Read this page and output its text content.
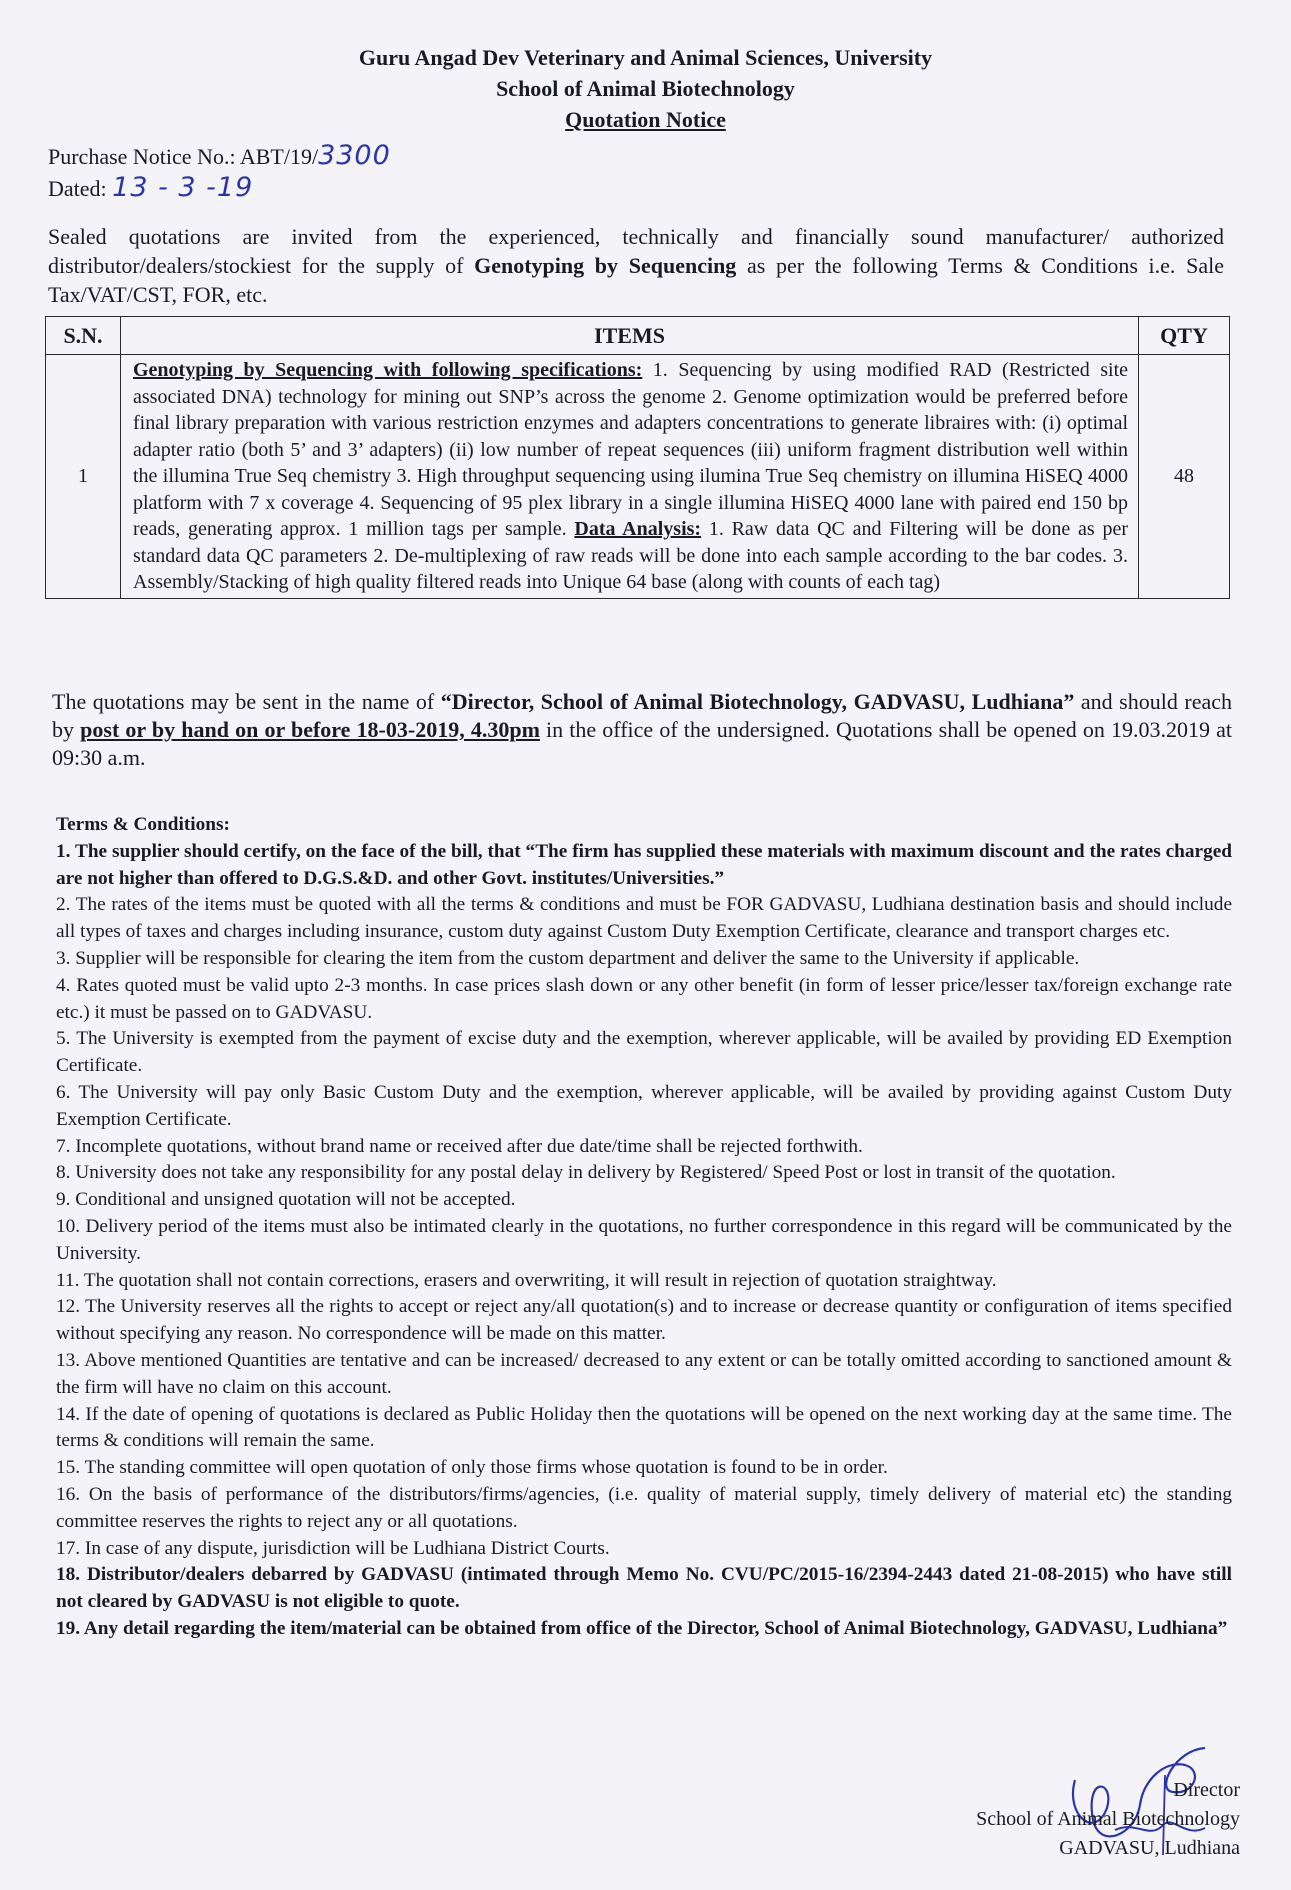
Guru Angad Dev Veterinary and Animal Sciences, University
School of Animal Biotechnology
Quotation Notice
Purchase Notice No.: ABT/19/3300
Dated: 13 - 3 -19
Sealed quotations are invited from the experienced, technically and financially sound manufacturer/ authorized distributor/dealers/stockiest for the supply of Genotyping by Sequencing as per the following Terms & Conditions i.e. Sale Tax/VAT/CST, FOR, etc.
S.N.	ITEMS	QTY
1	Genotyping by Sequencing with following specifications: 1. Sequencing by using modified RAD (Restricted site associated DNA) technology for mining out SNP’s across the genome 2. Genome optimization would be preferred before final library preparation with various restriction enzymes and adapters concentrations to generate libraires with: (i) optimal adapter ratio (both 5’ and 3’ adapters) (ii) low number of repeat sequences (iii) uniform fragment distribution well within the illumina True Seq chemistry 3. High throughput sequencing using ilumina True Seq chemistry on illumina HiSEQ 4000 platform with 7 x coverage 4. Sequencing of 95 plex library in a single illumina HiSEQ 4000 lane with paired end 150 bp reads, generating approx. 1 million tags per sample. Data Analysis: 1. Raw data QC and Filtering will be done as per standard data QC parameters 2. De-multiplexing of raw reads will be done into each sample according to the bar codes. 3. Assembly/Stacking of high quality filtered reads into Unique 64 base (along with counts of each tag)	48
The quotations may be sent in the name of “Director, School of Animal Biotechnology, GADVASU, Ludhiana” and should reach by post or by hand on or before 18-03-2019, 4.30pm in the office of the undersigned. Quotations shall be opened on 19.03.2019 at 09:30 a.m.
Terms & Conditions:
1. The supplier should certify, on the face of the bill, that “The firm has supplied these materials with maximum discount and the rates charged are not higher than offered to D.G.S.&D. and other Govt. institutes/Universities.”
2. The rates of the items must be quoted with all the terms & conditions and must be FOR GADVASU, Ludhiana destination basis and should include all types of taxes and charges including insurance, custom duty against Custom Duty Exemption Certificate, clearance and transport charges etc.
3. Supplier will be responsible for clearing the item from the custom department and deliver the same to the University if applicable.
4. Rates quoted must be valid upto 2-3 months. In case prices slash down or any other benefit (in form of lesser price/lesser tax/foreign exchange rate etc.) it must be passed on to GADVASU.
5. The University is exempted from the payment of excise duty and the exemption, wherever applicable, will be availed by providing ED Exemption Certificate.
6. The University will pay only Basic Custom Duty and the exemption, wherever applicable, will be availed by providing against Custom Duty Exemption Certificate.
7. Incomplete quotations, without brand name or received after due date/time shall be rejected forthwith.
8. University does not take any responsibility for any postal delay in delivery by Registered/ Speed Post or lost in transit of the quotation.
9. Conditional and unsigned quotation will not be accepted.
10. Delivery period of the items must also be intimated clearly in the quotations, no further correspondence in this regard will be communicated by the University.
11. The quotation shall not contain corrections, erasers and overwriting, it will result in rejection of quotation straightway.
12. The University reserves all the rights to accept or reject any/all quotation(s) and to increase or decrease quantity or configuration of items specified without specifying any reason. No correspondence will be made on this matter.
13. Above mentioned Quantities are tentative and can be increased/ decreased to any extent or can be totally omitted according to sanctioned amount & the firm will have no claim on this account.
14. If the date of opening of quotations is declared as Public Holiday then the quotations will be opened on the next working day at the same time. The terms & conditions will remain the same.
15. The standing committee will open quotation of only those firms whose quotation is found to be in order.
16. On the basis of performance of the distributors/firms/agencies, (i.e. quality of material supply, timely delivery of material etc) the standing committee reserves the rights to reject any or all quotations.
17. In case of any dispute, jurisdiction will be Ludhiana District Courts.
18. Distributor/dealers debarred by GADVASU (intimated through Memo No. CVU/PC/2015-16/2394-2443 dated 21-08-2015) who have still not cleared by GADVASU is not eligible to quote.
19. Any detail regarding the item/material can be obtained from office of the Director, School of Animal Biotechnology, GADVASU, Ludhiana”
Director
School of Animal Biotechnology
GADVASU, Ludhiana
